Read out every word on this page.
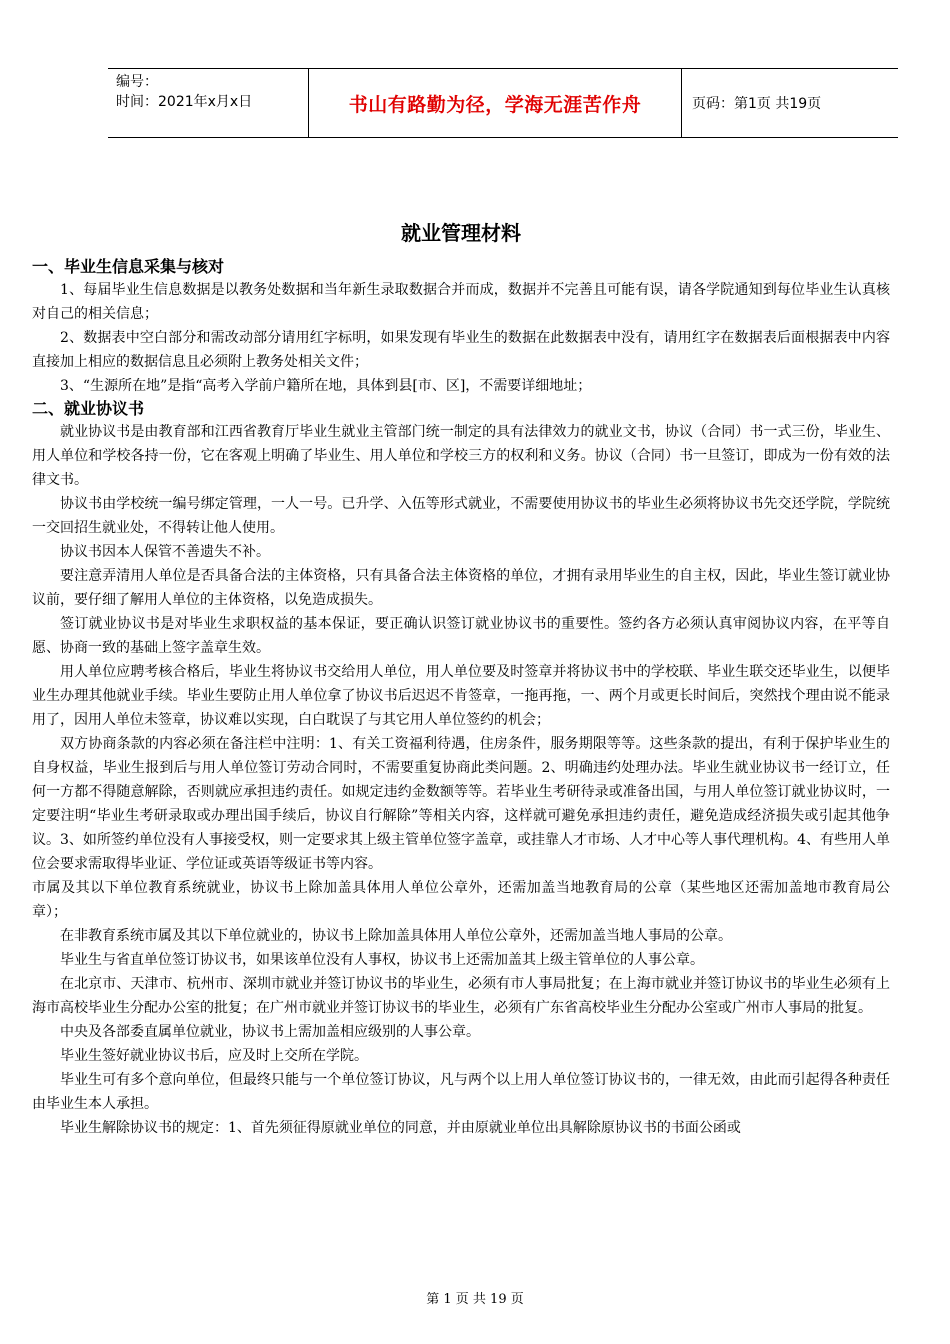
编号：
时间：2021年x月x日	书山有路勤为径，学海无涯苦作舟	页码：第1页 共19页
就业管理材料
一、毕业生信息采集与核对

1、每届毕业生信息数据是以教务处数据和当年新生录取数据合并而成，数据并不完善且可能有误，请各学院通知到每位毕业生认真核对自己的相关信息；

2、数据表中空白部分和需改动部分请用红字标明，如果发现有毕业生的数据在此数据表中没有，请用红字在数据表后面根据表中内容直接加上相应的数据信息且必须附上教务处相关文件；

3、“生源所在地”是指“高考入学前户籍所在地，具体到县[市、区]，不需要详细地址；

二、就业协议书

就业协议书是由教育部和江西省教育厅毕业生就业主管部门统一制定的具有法律效力的就业文书，协议（合同）书一式三份，毕业生、用人单位和学校各持一份，它在客观上明确了毕业生、用人单位和学校三方的权利和义务。协议（合同）书一旦签订，即成为一份有效的法律文书。

协议书由学校统一编号绑定管理，一人一号。已升学、入伍等形式就业，不需要使用协议书的毕业生必须将协议书先交还学院，学院统一交回招生就业处，不得转让他人使用。

协议书因本人保管不善遗失不补。

要注意弄清用人单位是否具备合法的主体资格，只有具备合法主体资格的单位，才拥有录用毕业生的自主权，因此，毕业生签订就业协议前，要仔细了解用人单位的主体资格，以免造成损失。

签订就业协议书是对毕业生求职权益的基本保证，要正确认识签订就业协议书的重要性。签约各方必须认真审阅协议内容，在平等自愿、协商一致的基础上签字盖章生效。

用人单位应聘考核合格后，毕业生将协议书交给用人单位，用人单位要及时签章并将协议书中的学校联、毕业生联交还毕业生，以便毕业生办理其他就业手续。毕业生要防止用人单位拿了协议书后迟迟不肯签章，一拖再拖，一、两个月或更长时间后，突然找个理由说不能录用了，因用人单位未签章，协议难以实现，白白耽误了与其它用人单位签约的机会；

双方协商条款的内容必须在备注栏中注明：1、有关工资福利待遇，住房条件，服务期限等等。这些条款的提出，有利于保护毕业生的自身权益，毕业生报到后与用人单位签订劳动合同时，不需要重复协商此类问题。2、明确违约处理办法。毕业生就业协议书一经订立，任何一方都不得随意解除，否则就应承担违约责任。如规定违约金数额等等。若毕业生考研待录或准备出国，与用人单位签订就业协议时，一定要注明“毕业生考研录取或办理出国手续后，协议自行解除”等相关内容，这样就可避免承担违约责任，避免造成经济损失或引起其他争议。3、如所签约单位没有人事接受权，则一定要求其上级主管单位签字盖章，或挂靠人才市场、人才中心等人事代理机构。4、有些用人单位会要求需取得毕业证、学位证或英语等级证书等内容。

市属及其以下单位教育系统就业，协议书上除加盖具体用人单位公章外，还需加盖当地教育局的公章（某些地区还需加盖地市教育局公章）；

在非教育系统市属及其以下单位就业的，协议书上除加盖具体用人单位公章外，还需加盖当地人事局的公章。

毕业生与省直单位签订协议书，如果该单位没有人事权，协议书上还需加盖其上级主管单位的人事公章。

在北京市、天津市、杭州市、深圳市就业并签订协议书的毕业生，必须有市人事局批复；在上海市就业并签订协议书的毕业生必须有上海市高校毕业生分配办公室的批复；在广州市就业并签订协议书的毕业生，必须有广东省高校毕业生分配办公室或广州市人事局的批复。

中央及各部委直属单位就业，协议书上需加盖相应级别的人事公章。

毕业生签好就业协议书后，应及时上交所在学院。

毕业生可有多个意向单位，但最终只能与一个单位签订协议，凡与两个以上用人单位签订协议书的，一律无效，由此而引起得各种责任由毕业生本人承担。

毕业生解除协议书的规定：1、首先须征得原就业单位的同意，并由原就业单位出具解除原协议书的书面公函或

第 1 页 共 19 页
